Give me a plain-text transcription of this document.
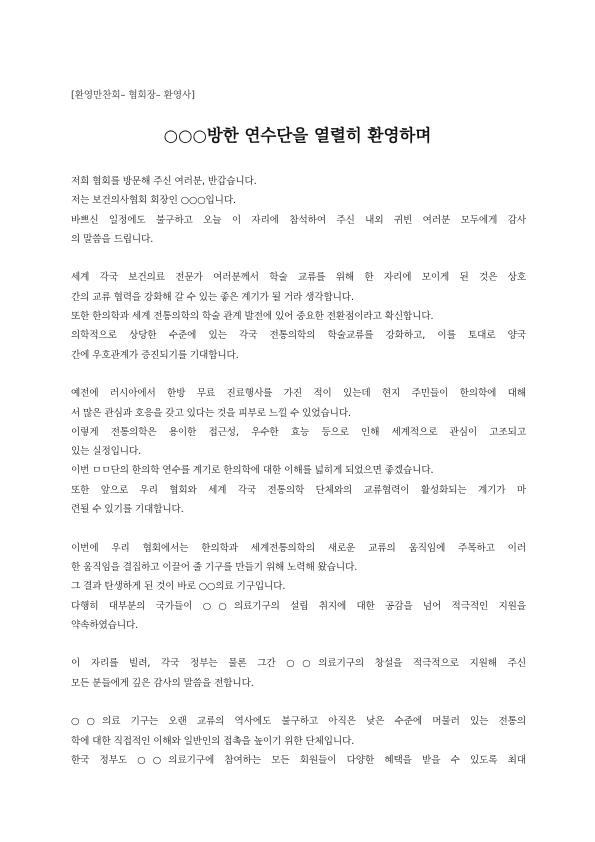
[환영만찬회– 협회장– 환영사]
○○○방한 연수단을 열렬히 환영하며
저희 협회를 방문해 주신 여러분, 반갑습니다.
저는 보건의사협회 회장인 ○○○입니다.
바쁘신 일정에도 불구하고 오늘 이 자리에 참석하여 주신 내외 귀빈 여러분 모두에게 감사
의 말씀을 드립니다.
세계 각국 보건의료 전문가 여러분께서 학술 교류를 위해 한 자리에 모이게 된 것은 상호
간의 교류 협력을 강화해 갈 수 있는 좋은 계기가 될 거라 생각합니다.
또한 한의학과 세계 전통의학의 학술 관계 발전에 있어 중요한 전환점이라고 확신합니다.
의학적으로 상당한 수준에 있는 각국 전통의학의 학술교류를 강화하고, 이를 토대로 양국
간에 우호관계가 증진되기를 기대합니다.
예전에 러시아에서 한방 무료 진료행사를 가진 적이 있는데 현지 주민들이 한의학에 대해
서 많은 관심과 호응을 갖고 있다는 것을 피부로 느낄 수 있었습니다.
이렇게 전통의학은 용이한 접근성, 우수한 효능 등으로 인해 세계적으로 관심이 고조되고
있는 실정입니다.
이번 ㅁㅁ단의 한의학 연수를 계기로 한의학에 대한 이해를 넓히게 되었으면 좋겠습니다.
또한 앞으로 우리 협회와 세계 각국 전통의학 단체와의 교류협력이 활성화되는 계기가 마
련될 수 있기를 기대합니다.
이번에 우리 협회에서는 한의학과 세계전통의학의 새로운 교류의 움직임에 주목하고 이러
한 움직임을 결집하고 이끌어 줄 기구를 만들기 위해 노력해 왔습니다.
그 결과 탄생하게 된 것이 바로 ○○의료 기구입니다.
다행히 대부분의 국가들이 ○○의료기구의 설립 취지에 대한 공감을 넘어 적극적인 지원을
약속하였습니다.
이 자리를 빌려, 각국 정부는 물론 그간 ○○의료기구의 창설을 적극적으로 지원해 주신
모든 분들에게 깊은 감사의 말씀을 전합니다.
○○의료 기구는 오랜 교류의 역사에도 불구하고 아직은 낮은 수준에 머물러 있는 전통의
학에 대한 직접적인 이해와 일반인의 접촉을 높이기 위한 단체입니다.
한국 정부도 ○○의료기구에 참여하는 모든 회원들이 다양한 혜택을 받을 수 있도록 최대
